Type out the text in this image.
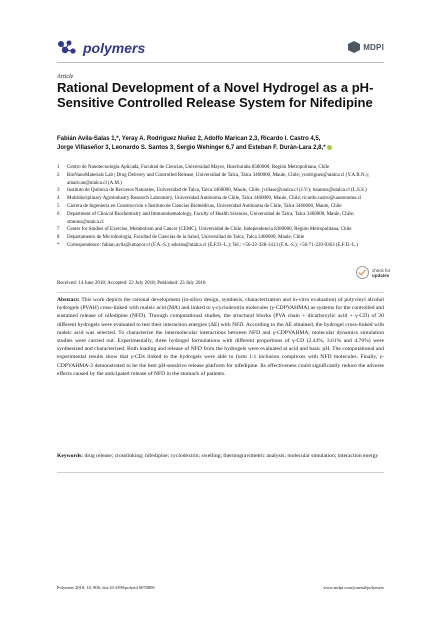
polymers	MDPI
Article
Rational Development of a Novel Hydrogel as a pH-Sensitive Controlled Release System for Nifedipine
Fabián Avila-Salas 1,*, Yeray A. Rodriguez Nuñez 2, Adolfo Marican 2,3, Ricardo I. Castro 4,5,
Jorge Villaseñor 3, Leonardo S. Santos 3, Sergio Wehinger 6,7 and Esteban F. Durán-Lara 2,8,*
1	Centro de Nanotecnología Aplicada, Facultad de Ciencias, Universidad Mayor, Huechuraba 8580000, Región Metropolitana, Chile
2	BioNanoMaterials Lab | Drug Delivery and Controlled Release, Universidad de Talca, Talca 3460000, Maule, Chile; yrodriguez@utalca.cl (Y.A.R.N.); amarican@utalca.cl (A.M.)
3	Instituto de Química de Recursos Naturales, Universidad de Talca, Talca 3460000, Maule, Chile; jvillase@utalca.cl (J.V.); lssantos@utalca.cl (L.S.S.)
4	Multidisciplinary Agroindustry Research Laboratory, Universidad Autónoma de Chile, Talca 3460000, Maule, Chile; ricardo.castro@uautonoma.cl
5	Carrera de Ingeniería en Construcción e Instituto de Ciencias Biomédicas, Universidad Autónoma de Chile, Talca 3460000, Maule, Chile
6	Department of Clinical Biochemistry and Immunohematology, Faculty of Health Sciences, Universidad de Talca, Talca 3460000, Maule, Chile; smunez@utalca.cl
7	Center for Studies of Exercise, Metabolism and Cancer (CEMC), Universidad de Chile, Independencia 8380000, Región Metropolitana, Chile
8	Departamento de Microbiología, Facultad de Ciencias de la Salud, Universidad de Talca, Talca 3460000, Maule, Chile
*	Correspondence: fabian.avila@umayor.cl (F.A.-S.); eduran@utalca.cl (E.F.D.-L.); Tel.: +56-22-328-1413 (F.A.-S.); +56-71-220-0363 (E.F.D.-L.)
Received: 14 June 2018; Accepted: 22 July 2018; Published: 23 July 2018
check for
updates
Abstract: This work depicts the rational development (in-silico design, synthesis, characterization and in-vitro evaluation) of polyvinyl alcohol hydrogels (PVAH) cross-linked with maleic acid (MA) and linked to γ-cyclodextrin molecules (γ-CDPVAHMA) as systems for the controlled and sustained release of nifedipine (NFD). Through computational studies, the structural blocks (PVA chain + dicarboxylic acid + γ-CD) of 20 different hydrogels were evaluated to test their interaction energies (ΔE) with NFD. According to the ΔE obtained, the hydrogel cross-linked with maleic acid was selected. To characterize the intermolecular interactions between NFD and γ-CDPVAHMA, molecular dynamics simulation studies were carried out. Experimentally, three hydrogel formulations with different proportions of γ-CD (2.43%, 3.61% and 4.76%) were synthesized and characterized. Both loading and release of NFD from the hydrogels were evaluated at acid and basic pH. The computational and experimental results show that γ-CDs linked to the hydrogels were able to form 1:1 inclusion complexes with NFD molecules. Finally, γ-CDPVAHMA-3 demonstrated to be the best pH-sensitive release platform for nifedipine. Its effectiveness could significantly reduce the adverse effects caused by the anticipated release of NFD in the stomach of patients.
Keywords: drug release; crosslinking; nifedipine; cyclodextrin; swelling; thermogravimetric analysis; molecular simulation; interaction energy
Polymers 2018, 10, 806; doi:10.3390/polym10070806	www.mdpi.com/journal/polymers
